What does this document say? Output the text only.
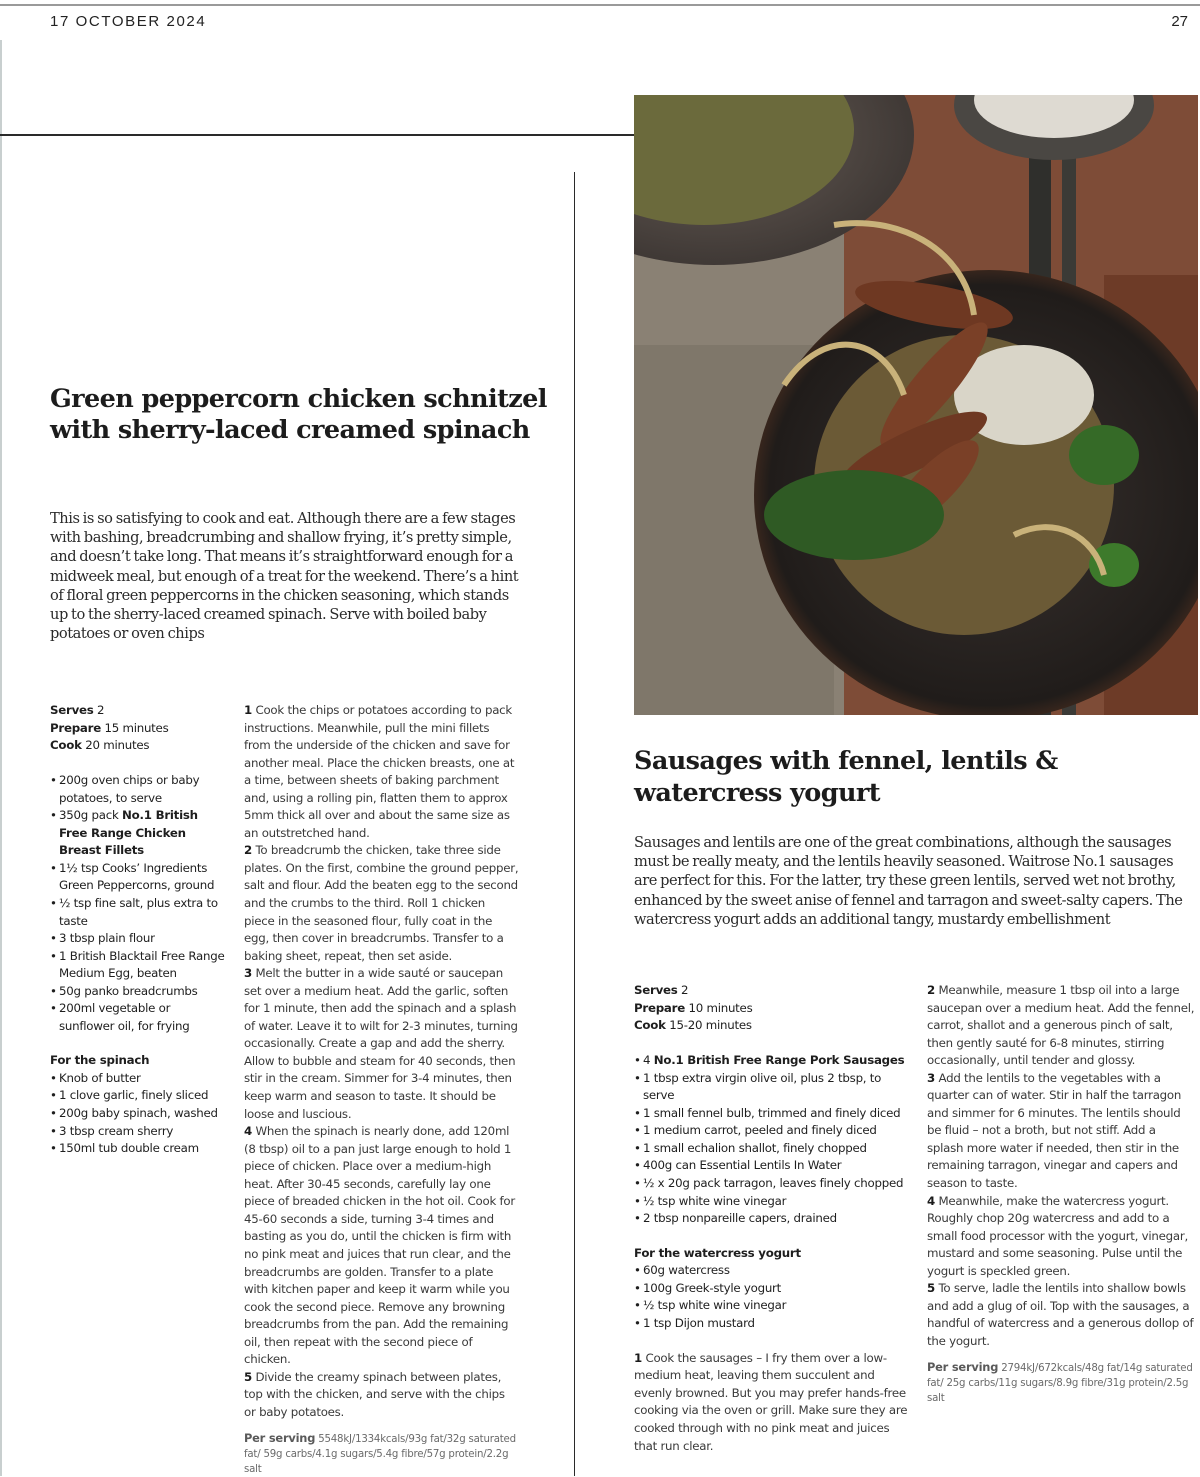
17 OCTOBER 2024	27
Green peppercorn chicken schnitzel with sherry-laced creamed spinach

This is so satisfying to cook and eat. Although there are a few stages with bashing, breadcrumbing and shallow frying, it’s pretty simple, and doesn’t take long. That means it’s straightforward enough for a midweek meal, but enough of a treat for the weekend. There’s a hint of floral green peppercorns in the chicken seasoning, which stands up to the sherry-laced creamed spinach. Serve with boiled baby potatoes or oven chips

Serves 2
Prepare 15 minutes
Cook 20 minutes
• 200g oven chips or baby potatoes, to serve
• 350g pack No.1 British Free Range Chicken Breast Fillets
• 1½ tsp Cooks’ Ingredients Green Peppercorns, ground
• ½ tsp fine salt, plus extra to taste
• 3 tbsp plain flour
• 1 British Blacktail Free Range Medium Egg, beaten
• 50g panko breadcrumbs
• 200ml vegetable or sunflower oil, for frying
For the spinach
• Knob of butter
• 1 clove garlic, finely sliced
• 200g baby spinach, washed
• 3 tbsp cream sherry
• 150ml tub double cream

1 Cook the chips or potatoes according to pack instructions. Meanwhile, pull the mini fillets from the underside of the chicken and save for another meal. Place the chicken breasts, one at a time, between sheets of baking parchment and, using a rolling pin, flatten them to approx 5mm thick all over and about the same size as an outstretched hand.

2 To breadcrumb the chicken, take three side plates. On the first, combine the ground pepper, salt and flour. Add the beaten egg to the second and the crumbs to the third. Roll 1 chicken piece in the seasoned flour, fully coat in the egg, then cover in breadcrumbs. Transfer to a baking sheet, repeat, then set aside.

3 Melt the butter in a wide sauté or saucepan set over a medium heat. Add the garlic, soften for 1 minute, then add the spinach and a splash of water. Leave it to wilt for 2-3 minutes, turning occasionally. Create a gap and add the sherry. Allow to bubble and steam for 40 seconds, then stir in the cream. Simmer for 3-4 minutes, then keep warm and season to taste. It should be loose and luscious.

4 When the spinach is nearly done, add 120ml (8 tbsp) oil to a pan just large enough to hold 1 piece of chicken. Place over a medium-high heat. After 30-45 seconds, carefully lay one piece of breaded chicken in the hot oil. Cook for 45-60 seconds a side, turning 3-4 times and basting as you do, until the chicken is firm with no pink meat and juices that run clear, and the breadcrumbs are golden. Transfer to a plate with kitchen paper and keep it warm while you cook the second piece. Remove any browning breadcrumbs from the pan. Add the remaining oil, then repeat with the second piece of chicken.

5 Divide the creamy spinach between plates, top with the chicken, and serve with the chips or baby potatoes.

Per serving 5548kJ/1334kcals/93g fat/32g saturated fat/ 59g carbs/4.1g sugars/5.4g fibre/57g protein/2.2g salt
Sausages with fennel, lentils & watercress yogurt

Sausages and lentils are one of the great combinations, although the sausages must be really meaty, and the lentils heavily seasoned. Waitrose No.1 sausages are perfect for this. For the latter, try these green lentils, served wet not brothy, enhanced by the sweet anise of fennel and tarragon and sweet-salty capers. The watercress yogurt adds an additional tangy, mustardy embellishment

Serves 2
Prepare 10 minutes
Cook 15-20 minutes
• 4 No.1 British Free Range Pork Sausages
• 1 tbsp extra virgin olive oil, plus 2 tbsp, to serve
• 1 small fennel bulb, trimmed and finely diced
• 1 medium carrot, peeled and finely diced
• 1 small echalion shallot, finely chopped
• 400g can Essential Lentils In Water
• ½ x 20g pack tarragon, leaves finely chopped
• ½ tsp white wine vinegar
• 2 tbsp nonpareille capers, drained
For the watercress yogurt
• 60g watercress
• 100g Greek-style yogurt
• ½ tsp white wine vinegar
• 1 tsp Dijon mustard

1 Cook the sausages – I fry them over a low-medium heat, leaving them succulent and evenly browned. But you may prefer hands-free cooking via the oven or grill. Make sure they are cooked through with no pink meat and juices that run clear.

2 Meanwhile, measure 1 tbsp oil into a large saucepan over a medium heat. Add the fennel, carrot, shallot and a generous pinch of salt, then gently sauté for 6-8 minutes, stirring occasionally, until tender and glossy.

3 Add the lentils to the vegetables with a quarter can of water. Stir in half the tarragon and simmer for 6 minutes. The lentils should be fluid – not a broth, but not stiff. Add a splash more water if needed, then stir in the remaining tarragon, vinegar and capers and season to taste.

4 Meanwhile, make the watercress yogurt. Roughly chop 20g watercress and add to a small food processor with the yogurt, vinegar, mustard and some seasoning. Pulse until the yogurt is speckled green.

5 To serve, ladle the lentils into shallow bowls and add a glug of oil. Top with the sausages, a handful of watercress and a generous dollop of the yogurt.

Per serving 2794kJ/672kcals/48g fat/14g saturated fat/ 25g carbs/11g sugars/8.9g fibre/31g protein/2.5g salt
